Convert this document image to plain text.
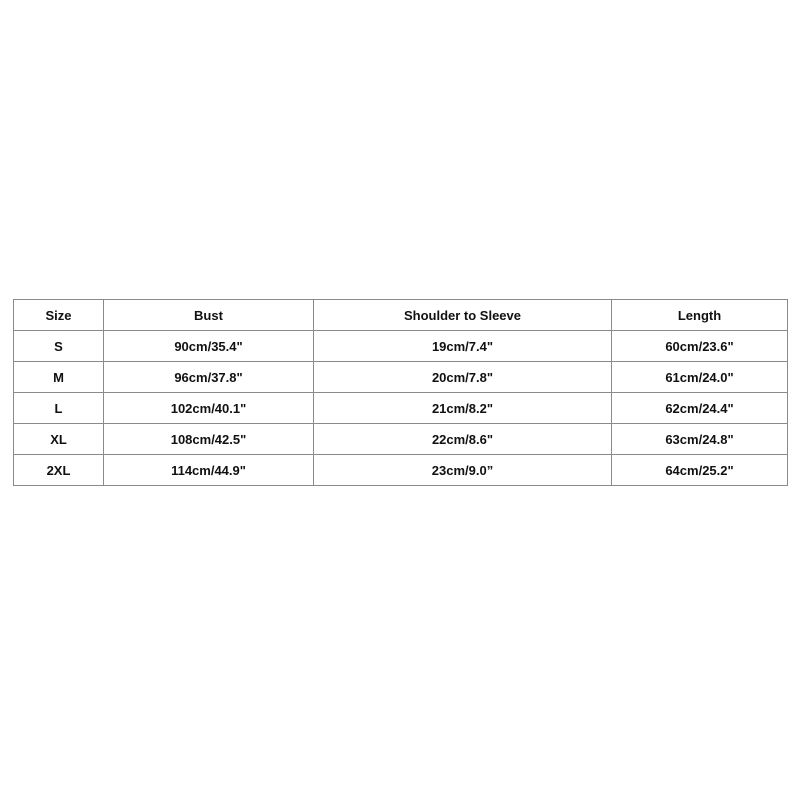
Size	Bust	Shoulder to Sleeve	Length
S	90cm/35.4"	19cm/7.4"	60cm/23.6"
M	96cm/37.8"	20cm/7.8"	61cm/24.0"
L	102cm/40.1"	21cm/8.2"	62cm/24.4"
XL	108cm/42.5"	22cm/8.6"	63cm/24.8"
2XL	114cm/44.9"	23cm/9.0”	64cm/25.2"
